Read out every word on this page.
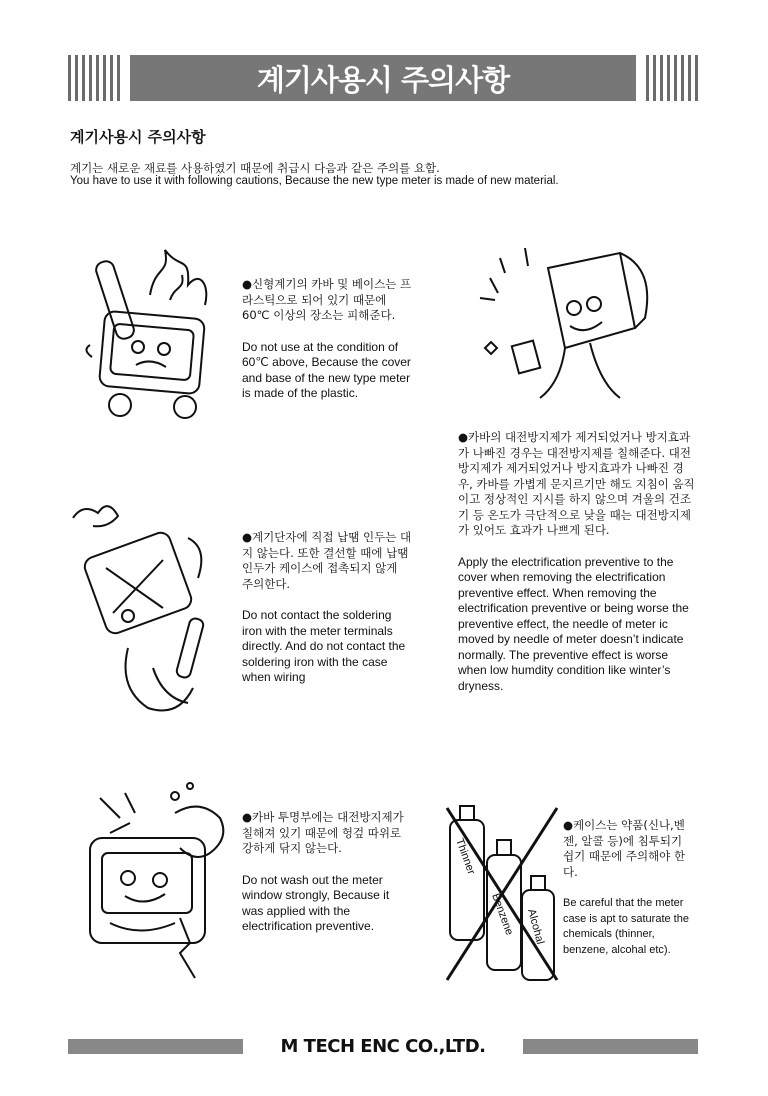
계기사용시 주의사항
계기사용시 주의사항
계기는 새로운 재료를 사용하였기 때문에 취급시 다음과 같은 주의를 요함.
You have to use it with following cautions, Because the new type meter is made of new material.

●신형계기의 카바 및 베이스는 프라스틱으로 되어 있기 때문에 60℃ 이상의 장소는 피해준다.

Do not use at the condition of 60℃ above, Because the cover and base of the new type meter is made of the plastic.

●카바의 대전방지제가 제거되었거나 방지효과가 나빠진 경우는 대전방지제를 칠해준다. 대전방지제가 제거되었거나 방지효과가 나빠진 경우, 카바를 가볍게 문지르기만 해도 지침이 움직이고 정상적인 지시를 하지 않으며 겨울의 건조기 등 온도가 극단적으로 낮을 때는 대전방지제가 있어도 효과가 나쁘게 된다.

Apply the electrification preventive to the cover when removing the electrification preventive effect. When removing the electrification preventive or being worse the preventive effect, the needle of meter ic moved by needle of meter doesn’t indicate normally. The preventive effect is worse when low humdity condition like winter’s dryness.

●계기단자에 직접 납땜 인두는 대지 않는다. 또한 결선할 때에 납땜 인두가 케이스에 접촉되지 않게 주의한다.

Do not contact the soldering iron with the meter terminals directly. And do not contact the soldering iron with the case when wiring

●카바 투명부에는 대전방지제가 칠해져 있기 때문에 헝겊 따위로 강하게 닦지 않는다.

Do not wash out the meter window strongly, Because it was applied with the electrification preventive.

Thinner
Benzene Alcohal

●케이스는 약품(신나,벤젠, 알콜 등)에 침투되기 쉽기 때문에 주의해야 한다.

Be careful that the meter case is apt to saturate the chemicals (thinner, benzene, alcohal etc).

M TECH ENC CO.,LTD.
